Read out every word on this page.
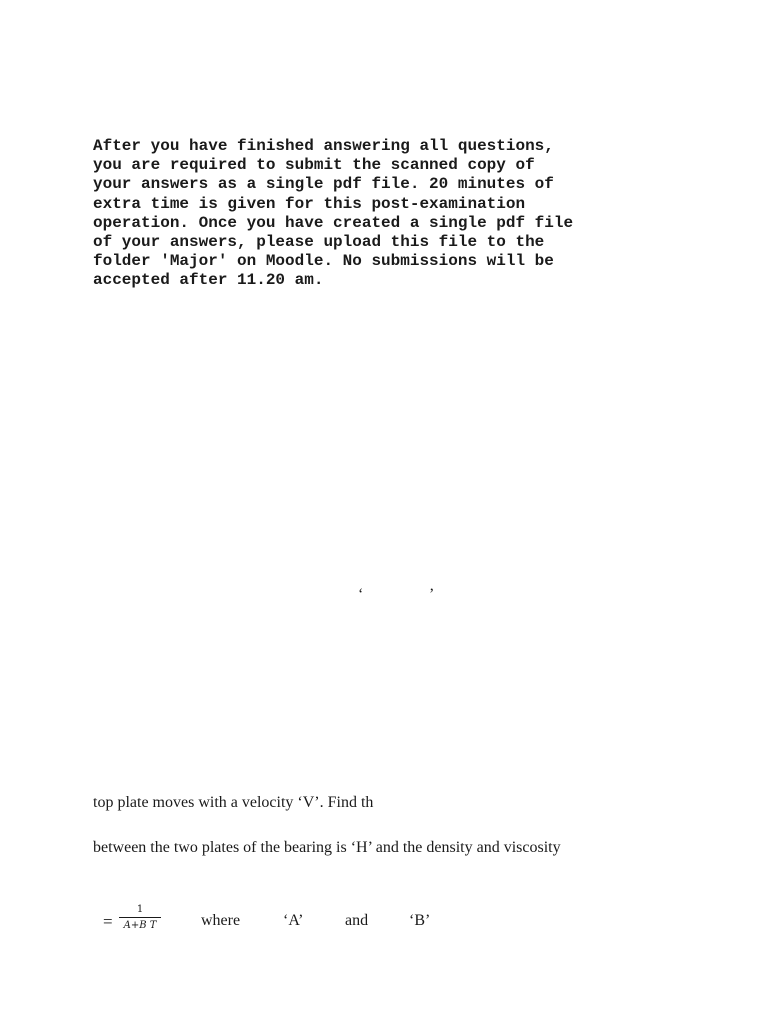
After you have finished answering all questions,
you are required to submit the scanned copy of
your answers as a single pdf file. 20 minutes of
extra time is given for this post-examination
operation. Once you have created a single pdf file
of your answers, please upload this file to the
folder 'Major' on Moodle. No submissions will be
accepted after 11.20 am.
‘	’

top plate moves with a velocity ‘V’. Find th

between the two plates of the bearing is ‘H’ and the density and viscosity

=
1
A+B T	where	‘A’	and	‘B’
